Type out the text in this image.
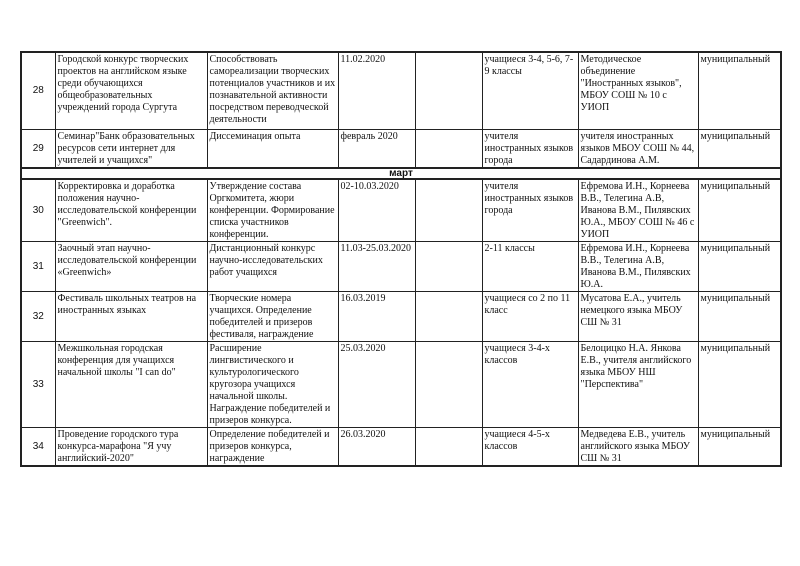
28	Городской конкурс творческих проектов на английском языке среди обучающихся общеобразовательных учреждений города Сургута	Способствовать самореализации творческих потенциалов участников и их познавательной активности посредством переводческой деятельности	11.02.2020		учащиеся 3-4, 5-6, 7-9 классы	Методическое объединение "Иностранных языков", МБОУ СОШ № 10 с УИОП	муниципальный
29	Семинар"Банк образовательных ресурсов сети интернет для учителей и учащихся"	Диссеминация опыта	февраль 2020		учителя иностранных языков города	учителя иностранных языков МБОУ СОШ № 44, Садардинова А.М.	муниципальный
март							
30	Корректировка и доработка положения научно-исследовательской конференции "Greenwich".	Утверждение состава Оргкомитета, жюри конференции. Формирование списка участников конференции.	02-10.03.2020		учителя иностранных языков города	Ефремова И.Н., Корнеева В.В., Телегина А.В, Иванова В.М., Пилявских Ю.А., МБОУ СОШ № 46 с УИОП	муниципальный
31	Заочный этап научно-исследовательской конференции «Greenwich»	Дистанционный конкурс научно-исследовательских работ учащихся	11.03-25.03.2020		2-11 классы	Ефремова И.Н., Корнеева В.В., Телегина А.В, Иванова В.М., Пилявских Ю.А.	муниципальный
32	Фестиваль школьных театров на иностранных языках	Творческие номера учащихся. Определение победителей и призеров фестиваля, награждение	16.03.2019		учащиеся со 2 по 11 класс	Мусатова Е.А., учитель немецкого языка МБОУ СШ № 31	муниципальный
33	Межшкольная городская конференция для учащихся начальной школы "I can do"	Расширение лингвистического и культурологического кругозора учащихся начальной школы. Награждение победителей и призеров конкурса.	25.03.2020		учащиеся 3-4-х классов	Белоцицко Н.А. Янкова Е.В., учителя английского языка МБОУ НШ "Перспектива"	муниципальный
34	Проведение городского тура конкурса-марафона "Я учу английский-2020"	Определение победителей и призеров конкурса, награждение	26.03.2020		учащиеся 4-5-х классов	Медведева Е.В., учитель английского языка МБОУ СШ № 31	муниципальный
